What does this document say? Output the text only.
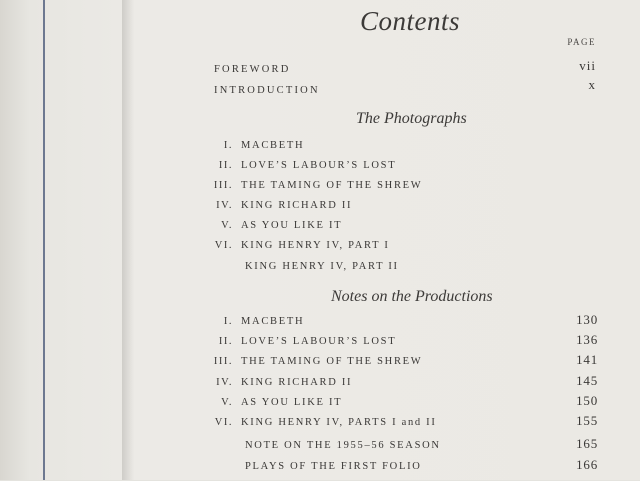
Contents
PAGE
FOREWORD	vii
INTRODUCTION	x
The Photographs
I. MACBETH
II. LOVE’S LABOUR’S LOST
III. THE TAMING OF THE SHREW
IV. KING RICHARD II
V. AS YOU LIKE IT
VI. KING HENRY IV, PART I
KING HENRY IV, PART II
Notes on the Productions
I. MACBETH	130
II. LOVE’S LABOUR’S LOST	136
III. THE TAMING OF THE SHREW	141
IV. KING RICHARD II	145
V. AS YOU LIKE IT	150
VI. KING HENRY IV, PARTS I and II	155
NOTE ON THE 1955–56 SEASON	165
PLAYS OF THE FIRST FOLIO	166
